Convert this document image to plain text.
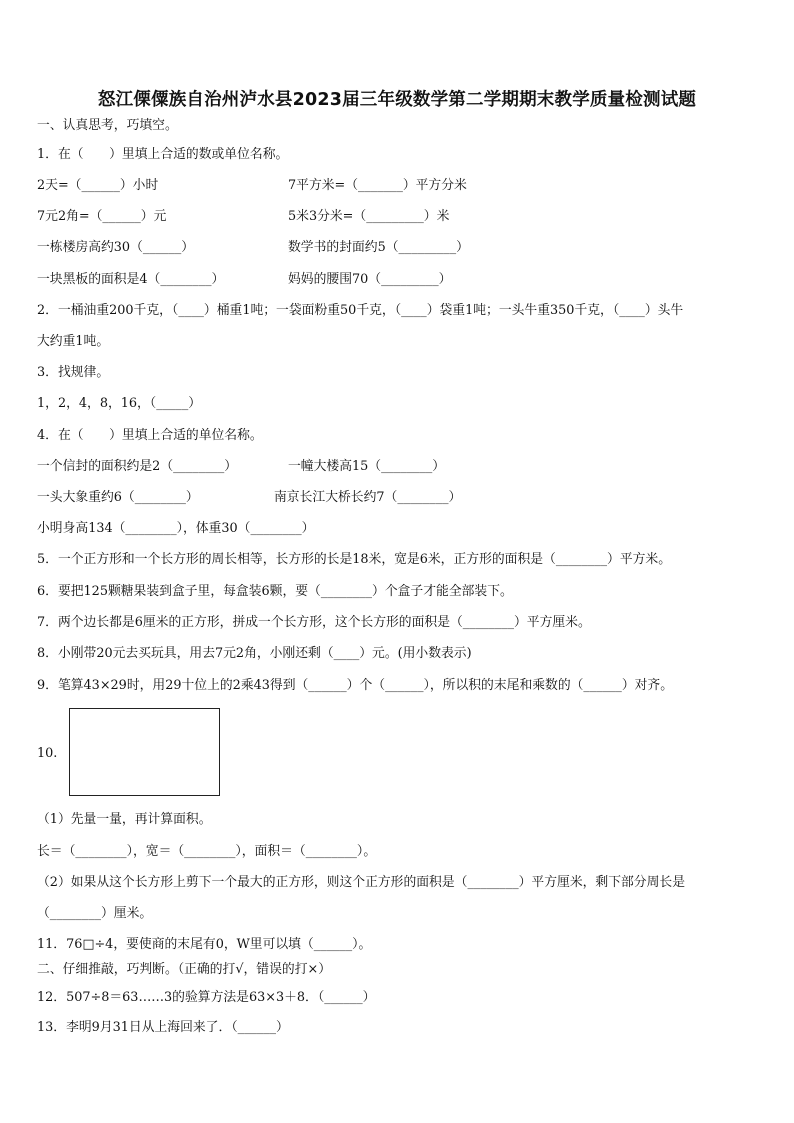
怒江傈僳族自治州泸水县2023届三年级数学第二学期期末教学质量检测试题
一、认真思考，巧填空。
1．在（　　）里填上合适的数或单位名称。
2天=（______）小时	7平方米=（_______）平方分米
7元2角=（______）元	5米3分米=（_________）米
一栋楼房高约30（______）	数学书的封面约5（_________）
一块黑板的面积是4（________）	妈妈的腰围70（_________）
2．一桶油重200千克，（____）桶重1吨；一袋面粉重50千克，（____）袋重1吨；一头牛重350千克，（____）头牛
大约重1吨。
3．找规律。
1，2，4，8，16，（_____）
4．在（　　）里填上合适的单位名称。
一个信封的面积约是2（________）	一幢大楼高15（________）
一头大象重约6（________）	南京长江大桥长约7（________）
小明身高134（________），体重30（________）
5．一个正方形和一个长方形的周长相等，长方形的长是18米，宽是6米，正方形的面积是（________）平方米。
6．要把125颗糖果装到盒子里，每盒装6颗，要（________）个盒子才能全部装下。
7．两个边长都是6厘米的正方形，拼成一个长方形，这个长方形的面积是（________）平方厘米。
8．小刚带20元去买玩具，用去7元2角，小刚还剩（____）元。(用小数表示)
9．笔算43×29时，用29十位上的2乘43得到（______）个（______），所以积的末尾和乘数的（______）对齐。
10.
（1）先量一量，再计算面积。
长＝（________），宽＝（________），面积＝（________）。
（2）如果从这个长方形上剪下一个最大的正方形，则这个正方形的面积是（________）平方厘米，剩下部分周长是
（________）厘米。
11．76□÷4，要使商的末尾有0，W里可以填（______）。
二、仔细推敲，巧判断。（正确的打√，错误的打×）
12．507÷8＝63……3的验算方法是63×3＋8．（______）
13．李明9月31日从上海回来了．（______）
